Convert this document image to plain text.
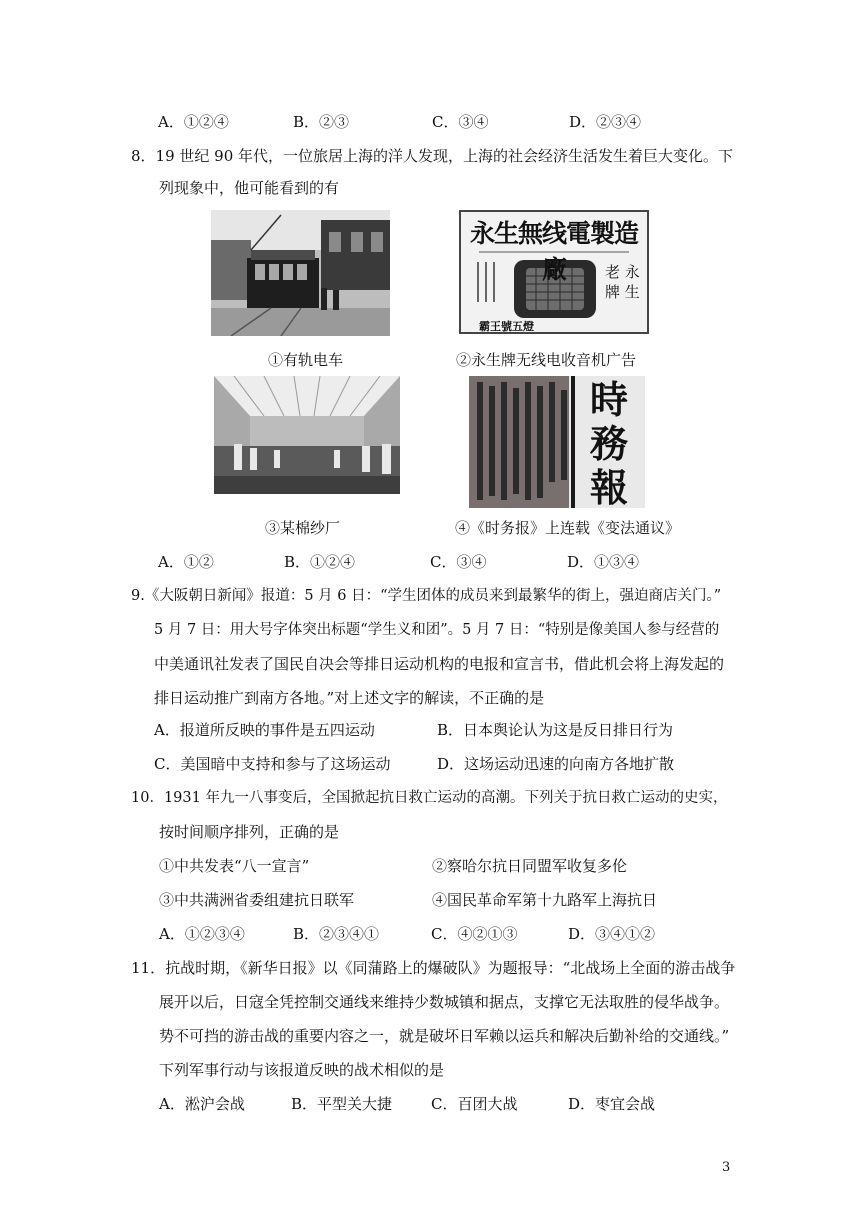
A．①②④	B．②③	C．③④	D．②③④
8．19 世纪 90 年代，一位旅居上海的洋人发现，上海的社会经济生活发生着巨大变化。下
列现象中，他可能看到的有
①有轨电车
永生無线電製造廠	老 永 牌 生
霸王號五燈
②永生牌无线电收音机广告
③某棉纱厂
時務報
④《时务报》上连载《变法通议》
A．①②	B．①②④	C．③④	D．①③④
9.《大阪朝日新闻》报道：5 月 6 日：“学生团体的成员来到最繁华的街上，强迫商店关门。”
5 月 7 日：用大号字体突出标题“学生义和团”。5 月 7 日：“特别是像美国人参与经营的
中美通讯社发表了国民自决会等排日运动机构的电报和宣言书，借此机会将上海发起的
排日运动推广到南方各地。”对上述文字的解读，不正确的是
A．报道所反映的事件是五四运动	B．日本舆论认为这是反日排日行为
C．美国暗中支持和参与了这场运动	D．这场运动迅速的向南方各地扩散
10．1931 年九一八事变后，全国掀起抗日救亡运动的高潮。下列关于抗日救亡运动的史实，
按时间顺序排列，正确的是
①中共发表“八一宣言”	②察哈尔抗日同盟军收复多伦
③中共满洲省委组建抗日联军	④国民革命军第十九路军上海抗日
A．①②③④	B．②③④①	C．④②①③	D．③④①②
11．抗战时期，《新华日报》以《同蒲路上的爆破队》为题报导：“北战场上全面的游击战争
展开以后，日寇全凭控制交通线来维持少数城镇和据点，支撑它无法取胜的侵华战争。
势不可挡的游击战的重要内容之一，就是破坏日军赖以运兵和解决后勤补给的交通线。”
下列军事行动与该报道反映的战术相似的是
A．淞沪会战	B．平型关大捷	C．百团大战	D．枣宜会战
3
